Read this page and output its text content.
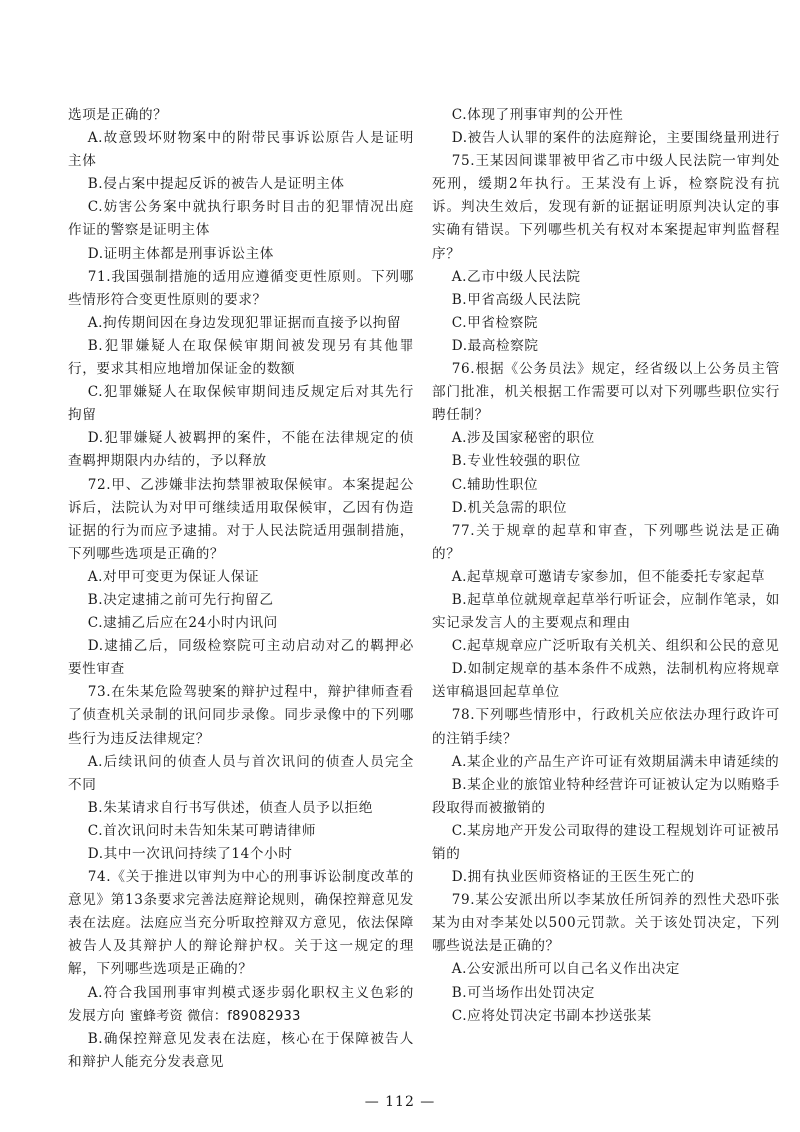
选项是正确的？

A.故意毁坏财物案中的附带民事诉讼原告人是证明主体

B.侵占案中提起反诉的被告人是证明主体

C.妨害公务案中就执行职务时目击的犯罪情况出庭作证的警察是证明主体

D.证明主体都是刑事诉讼主体

71.我国强制措施的适用应遵循变更性原则。下列哪些情形符合变更性原则的要求？

A.拘传期间因在身边发现犯罪证据而直接予以拘留

B.犯罪嫌疑人在取保候审期间被发现另有其他罪行，要求其相应地增加保证金的数额

C.犯罪嫌疑人在取保候审期间违反规定后对其先行拘留

D.犯罪嫌疑人被羁押的案件，不能在法律规定的侦查羁押期限内办结的，予以释放

72.甲、乙涉嫌非法拘禁罪被取保候审。本案提起公诉后，法院认为对甲可继续适用取保候审，乙因有伪造证据的行为而应予逮捕。对于人民法院适用强制措施，下列哪些选项是正确的？

A.对甲可变更为保证人保证

B.决定逮捕之前可先行拘留乙

C.逮捕乙后应在24小时内讯问

D.逮捕乙后，同级检察院可主动启动对乙的羁押必要性审查

73.在朱某危险驾驶案的辩护过程中，辩护律师查看了侦查机关录制的讯问同步录像。同步录像中的下列哪些行为违反法律规定？

A.后续讯问的侦查人员与首次讯问的侦查人员完全不同

B.朱某请求自行书写供述，侦查人员予以拒绝

C.首次讯问时未告知朱某可聘请律师

D.其中一次讯问持续了14个小时

74.《关于推进以审判为中心的刑事诉讼制度改革的意见》第13条要求完善法庭辩论规则，确保控辩意见发表在法庭。法庭应当充分听取控辩双方意见，依法保障被告人及其辩护人的辩论辩护权。关于这一规定的理解，下列哪些选项是正确的？

A.符合我国刑事审判模式逐步弱化职权主义色彩的发展方向 蜜蜂考资 微信：f89082933

B.确保控辩意见发表在法庭，核心在于保障被告人和辩护人能充分发表意见

C.体现了刑事审判的公开性

D.被告人认罪的案件的法庭辩论，主要围绕量刑进行

75.王某因间谍罪被甲省乙市中级人民法院一审判处死刑，缓期2年执行。王某没有上诉，检察院没有抗诉。判决生效后，发现有新的证据证明原判决认定的事实确有错误。下列哪些机关有权对本案提起审判监督程序？

A.乙市中级人民法院

B.甲省高级人民法院

C.甲省检察院

D.最高检察院

76.根据《公务员法》规定，经省级以上公务员主管部门批准，机关根据工作需要可以对下列哪些职位实行聘任制？

A.涉及国家秘密的职位

B.专业性较强的职位

C.辅助性职位

D.机关急需的职位

77.关于规章的起草和审查，下列哪些说法是正确的？

A.起草规章可邀请专家参加，但不能委托专家起草

B.起草单位就规章起草举行听证会，应制作笔录，如实记录发言人的主要观点和理由

C.起草规章应广泛听取有关机关、组织和公民的意见

D.如制定规章的基本条件不成熟，法制机构应将规章送审稿退回起草单位

78.下列哪些情形中，行政机关应依法办理行政许可的注销手续？

A.某企业的产品生产许可证有效期届满未申请延续的

B.某企业的旅馆业特种经营许可证被认定为以贿赂手段取得而被撤销的

C.某房地产开发公司取得的建设工程规划许可证被吊销的

D.拥有执业医师资格证的王医生死亡的

79.某公安派出所以李某放任所饲养的烈性犬恐吓张某为由对李某处以500元罚款。关于该处罚决定，下列哪些说法是正确的？

A.公安派出所可以自己名义作出决定

B.可当场作出处罚决定

C.应将处罚决定书副本抄送张某

— 112 —
